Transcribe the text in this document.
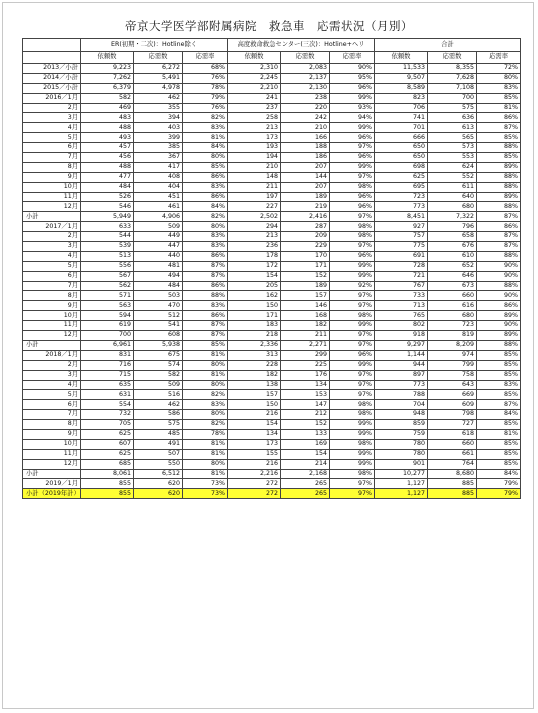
帝京大学医学部附属病院　救急車　応需状況（月別）
	ER(初期・二次)：Hotline除く			高度救命救急センター(三次)：Hotline+ヘリ			合計		
	依頼数	応需数	応需率	依頼数	応需数	応需率	依頼数	応需数	応需率
2013／小計	9,223	6,272	68%	2,310	2,083	90%	11,533	8,355	72%
2014／小計	7,262	5,491	76%	2,245	2,137	95%	9,507	7,628	80%
2015／小計	6,379	4,978	78%	2,210	2,130	96%	8,589	7,108	83%
2016／1月	582	462	79%	241	238	99%	823	700	85%
2月	469	355	76%	237	220	93%	706	575	81%
3月	483	394	82%	258	242	94%	741	636	86%
4月	488	403	83%	213	210	99%	701	613	87%
5月	493	399	81%	173	166	96%	666	565	85%
6月	457	385	84%	193	188	97%	650	573	88%
7月	456	367	80%	194	186	96%	650	553	85%
8月	488	417	85%	210	207	99%	698	624	89%
9月	477	408	86%	148	144	97%	625	552	88%
10月	484	404	83%	211	207	98%	695	611	88%
11月	526	451	86%	197	189	96%	723	640	89%
12月	546	461	84%	227	219	96%	773	680	88%
小計	5,949	4,906	82%	2,502	2,416	97%	8,451	7,322	87%
2017／1月	633	509	80%	294	287	98%	927	796	86%
2月	544	449	83%	213	209	98%	757	658	87%
3月	539	447	83%	236	229	97%	775	676	87%
4月	513	440	86%	178	170	96%	691	610	88%
5月	556	481	87%	172	171	99%	728	652	90%
6月	567	494	87%	154	152	99%	721	646	90%
7月	562	484	86%	205	189	92%	767	673	88%
8月	571	503	88%	162	157	97%	733	660	90%
9月	563	470	83%	150	146	97%	713	616	86%
10月	594	512	86%	171	168	98%	765	680	89%
11月	619	541	87%	183	182	99%	802	723	90%
12月	700	608	87%	218	211	97%	918	819	89%
小計	6,961	5,938	85%	2,336	2,271	97%	9,297	8,209	88%
2018／1月	831	675	81%	313	299	96%	1,144	974	85%
2月	716	574	80%	228	225	99%	944	799	85%
3月	715	582	81%	182	176	97%	897	758	85%
4月	635	509	80%	138	134	97%	773	643	83%
5月	631	516	82%	157	153	97%	788	669	85%
6月	554	462	83%	150	147	98%	704	609	87%
7月	732	586	80%	216	212	98%	948	798	84%
8月	705	575	82%	154	152	99%	859	727	85%
9月	625	485	78%	134	133	99%	759	618	81%
10月	607	491	81%	173	169	98%	780	660	85%
11月	625	507	81%	155	154	99%	780	661	85%
12月	685	550	80%	216	214	99%	901	764	85%
小計	8,061	6,512	81%	2,216	2,168	98%	10,277	8,680	84%
2019／1月	855	620	73%	272	265	97%	1,127	885	79%
小計（2019年計）	855	620	73%	272	265	97%	1,127	885	79%
